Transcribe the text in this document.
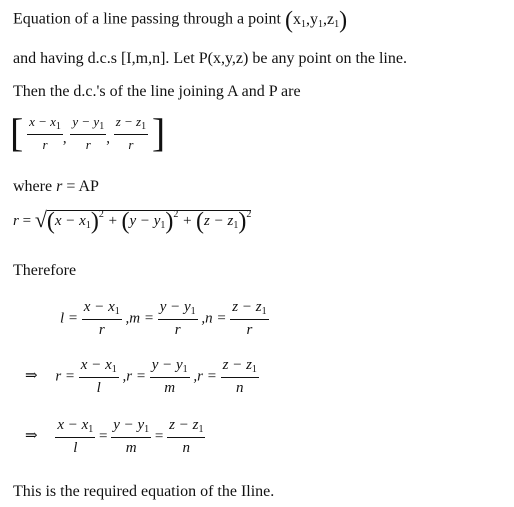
Equation of a line passing through a point $(x_1,y_1,z_1)$
and having d.c.s [I,m,n]. Let P(x,y,z) be any point on the line.
Then the d.c.'s of the line joining A and P are
[ $\frac{x - x_1}{r}$ , $\frac{y - y_1}{r}$ , $\frac{z - z_1}{r}$ ]
where r = AP
$r = √(x - x_1)^2 + (y - y_1)^2 + (z - z_1)^2$
Therefore
$l = \frac{x - x_1}{r} ,m = \frac{y - y_1}{r} ,n = \frac{z - z_1}{r}$
⇒ $r = \frac{x - x_1}{l} ,r = \frac{y - y_1}{m} ,r = \frac{z - z_1}{n}$
⇒ $\frac{x - x_1}{l} = \frac{y - y_1}{m} = \frac{z - z_1}{n}$
This is the required equation of the Iline.
